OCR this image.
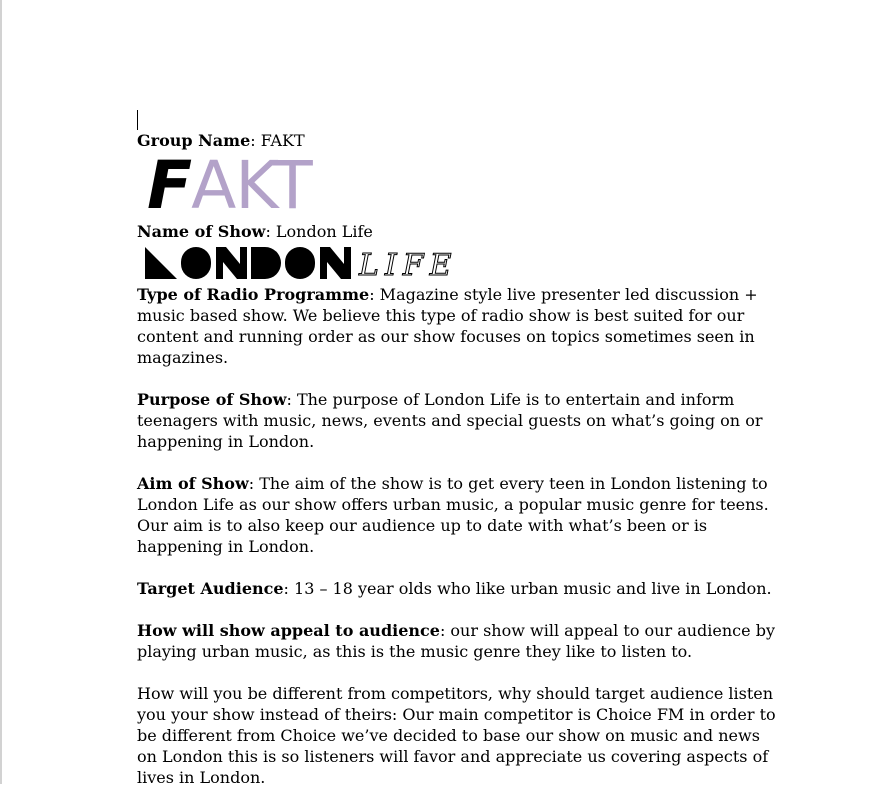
Group Name: FAKT

FAKT

Name of Show: London Life

LIFE

Type of Radio Programme: Magazine style live presenter led discussion + music based show. We believe this type of radio show is best suited for our content and running order as our show focuses on topics sometimes seen in magazines.

Purpose of Show: The purpose of London Life is to entertain and inform teenagers with music, news, events and special guests on what’s going on or happening in London.

Aim of Show: The aim of the show is to get every teen in London listening to London Life as our show offers urban music, a popular music genre for teens. Our aim is to also keep our audience up to date with what’s been or is happening in London.

Target Audience: 13 – 18 year olds who like urban music and live in London.

How will show appeal to audience: our show will appeal to our audience by playing urban music, as this is the music genre they like to listen to.

How will you be different from competitors, why should target audience listen you your show instead of theirs: Our main competitor is Choice FM in order to be different from Choice we’ve decided to base our show on music and news on London this is so listeners will favor and appreciate us covering aspects of lives in London.
